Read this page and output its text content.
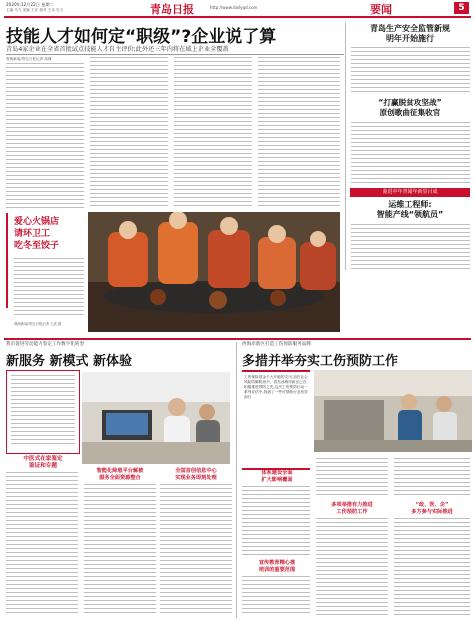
2020年12月22日 星期二
主编 马力 美编 王乐 校对 王本 安义	青岛日报	http://www.dailyqd.com	要闻	5
技能人才如何定“职级”?企业说了算
青岛4家企业在全省首批试点技能人才自主评价;此外还三年内将在域上企业全覆盖
观海新闻/青岛日报记者 周瑾
青岛生产安全监管新规
明年开始施行
“打赢脱贫攻坚战”
原创歌曲征集收官
曲进中年青闻年新里目成
运维工程师:
智能产线“领航员”
爱心火锅店
请环卫工
吃冬至饺子
观海新闻/青岛日报记者 王滨 摄
我市促进劳动能力鉴定工作数字化转型
新服务 新模式 新体验
中医式在家鉴定
鉴证和专题
智能化除患平台解被
服务全面资源整合
全国首创信息中心
实现业务即刻处理
西海岸新区打造工伤预防服务品牌
多措并举夯实工伤预防工作
工伤保险基金千大开地的支出,加在社会风险防御防治中。青岛西海岸新区已在积极推进预防之先,这次工伤预防行动一系列评估中,找到了一些可帮助行业有效前行
体系建设全面
扩大影响覆面
宣传教育精心推
培训的重要范围
多项举措有力推进
工伤预防工作
“政、医、企”
多方参与实际推进
